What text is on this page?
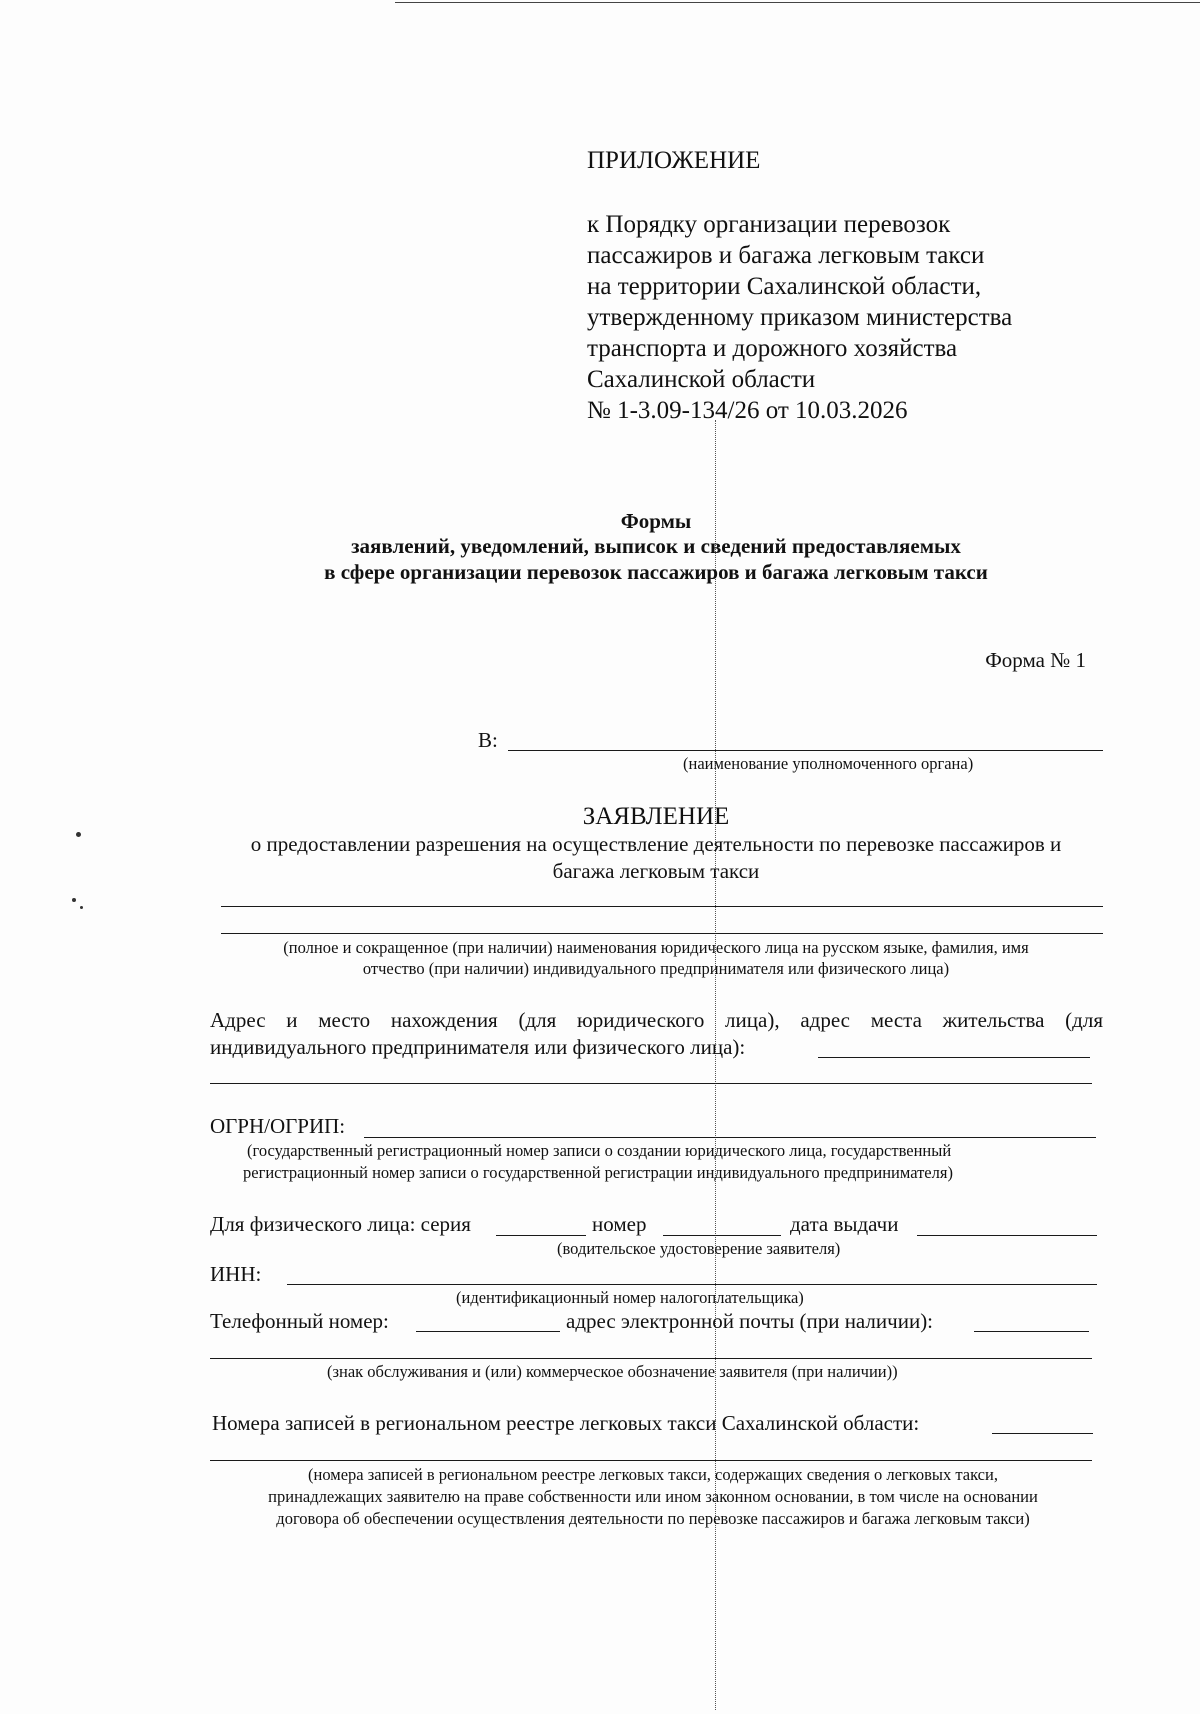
ПРИЛОЖЕНИЕ
к Порядку организации перевозок
пассажиров и багажа легковым такси
на территории Сахалинской области,
утвержденному приказом министерства
транспорта и дорожного хозяйства
Сахалинской области
№ 1-3.09-134/26 от 10.03.2026
Формы
заявлений, уведомлений, выписок и сведений предоставляемых
в сфере организации перевозок пассажиров и багажа легковым такси
Форма № 1
В:
(наименование уполномоченного органа)
ЗАЯВЛЕНИЕ
о предоставлении разрешения на осуществление деятельности по перевозке пассажиров и
багажа легковым такси
(полное и сокращенное (при наличии) наименования юридического лица на русском языке, фамилия, имя
отчество (при наличии) индивидуального предпринимателя или физического лица)
Адрес и место нахождения (для юридического лица), адрес места жительства (для
индивидуального предпринимателя или физического лица):
ОГРН/ОГРИП:
(государственный регистрационный номер записи о создании юридического лица, государственный
регистрационный номер записи о государственной регистрации индивидуального предпринимателя)
Для физического лица: серия	номер	дата выдачи
(водительское удостоверение заявителя)
ИНН:
(идентификационный номер налогоплательщика)
Телефонный номер:	адрес электронной почты (при наличии):
(знак обслуживания и (или) коммерческое обозначение заявителя (при наличии))
Номера записей в региональном реестре легковых такси Сахалинской области:
(номера записей в региональном реестре легковых такси, содержащих сведения о легковых такси,
принадлежащих заявителю на праве собственности или ином законном основании, в том числе на основании
договора об обеспечении осуществления деятельности по перевозке пассажиров и багажа легковым такси)
